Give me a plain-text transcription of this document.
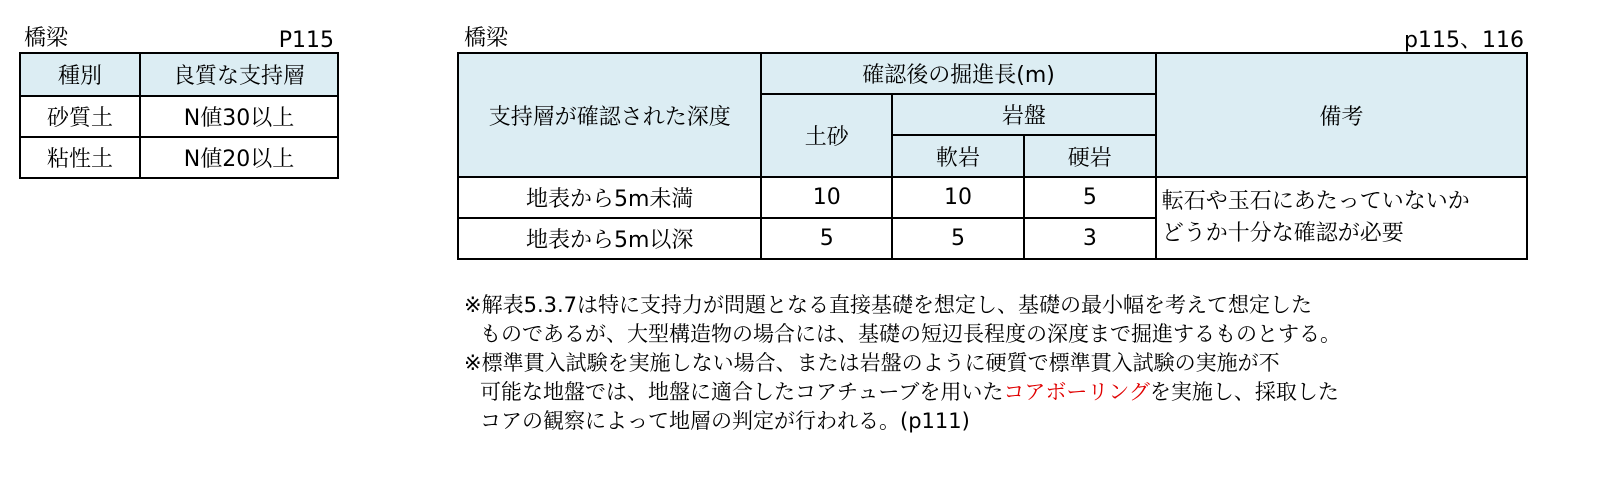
橋梁	P115
種別	良質な支持層
砂質土	N値30以上
粘性土	N値20以上
橋梁	p115、116
支持層が確認された深度	確認後の掘進長(m)			備考
	土砂	岩盤		
		軟岩	硬岩	
地表から5m未満	10	10	5	転石や玉石にあたっていないか
どうか十分な確認が必要

地表から5m以深	5	5	3	
※解表5.3.7は特に支持力が問題となる直接基礎を想定し、基礎の最小幅を考えて想定した
ものであるが、大型構造物の場合には、基礎の短辺長程度の深度まで掘進するものとする。
※標準貫入試験を実施しない場合、または岩盤のように硬質で標準貫入試験の実施が不
可能な地盤では、地盤に適合したコアチューブを用いたコアボーリングを実施し、採取した
コアの観察によって地層の判定が行われる。(p111)
